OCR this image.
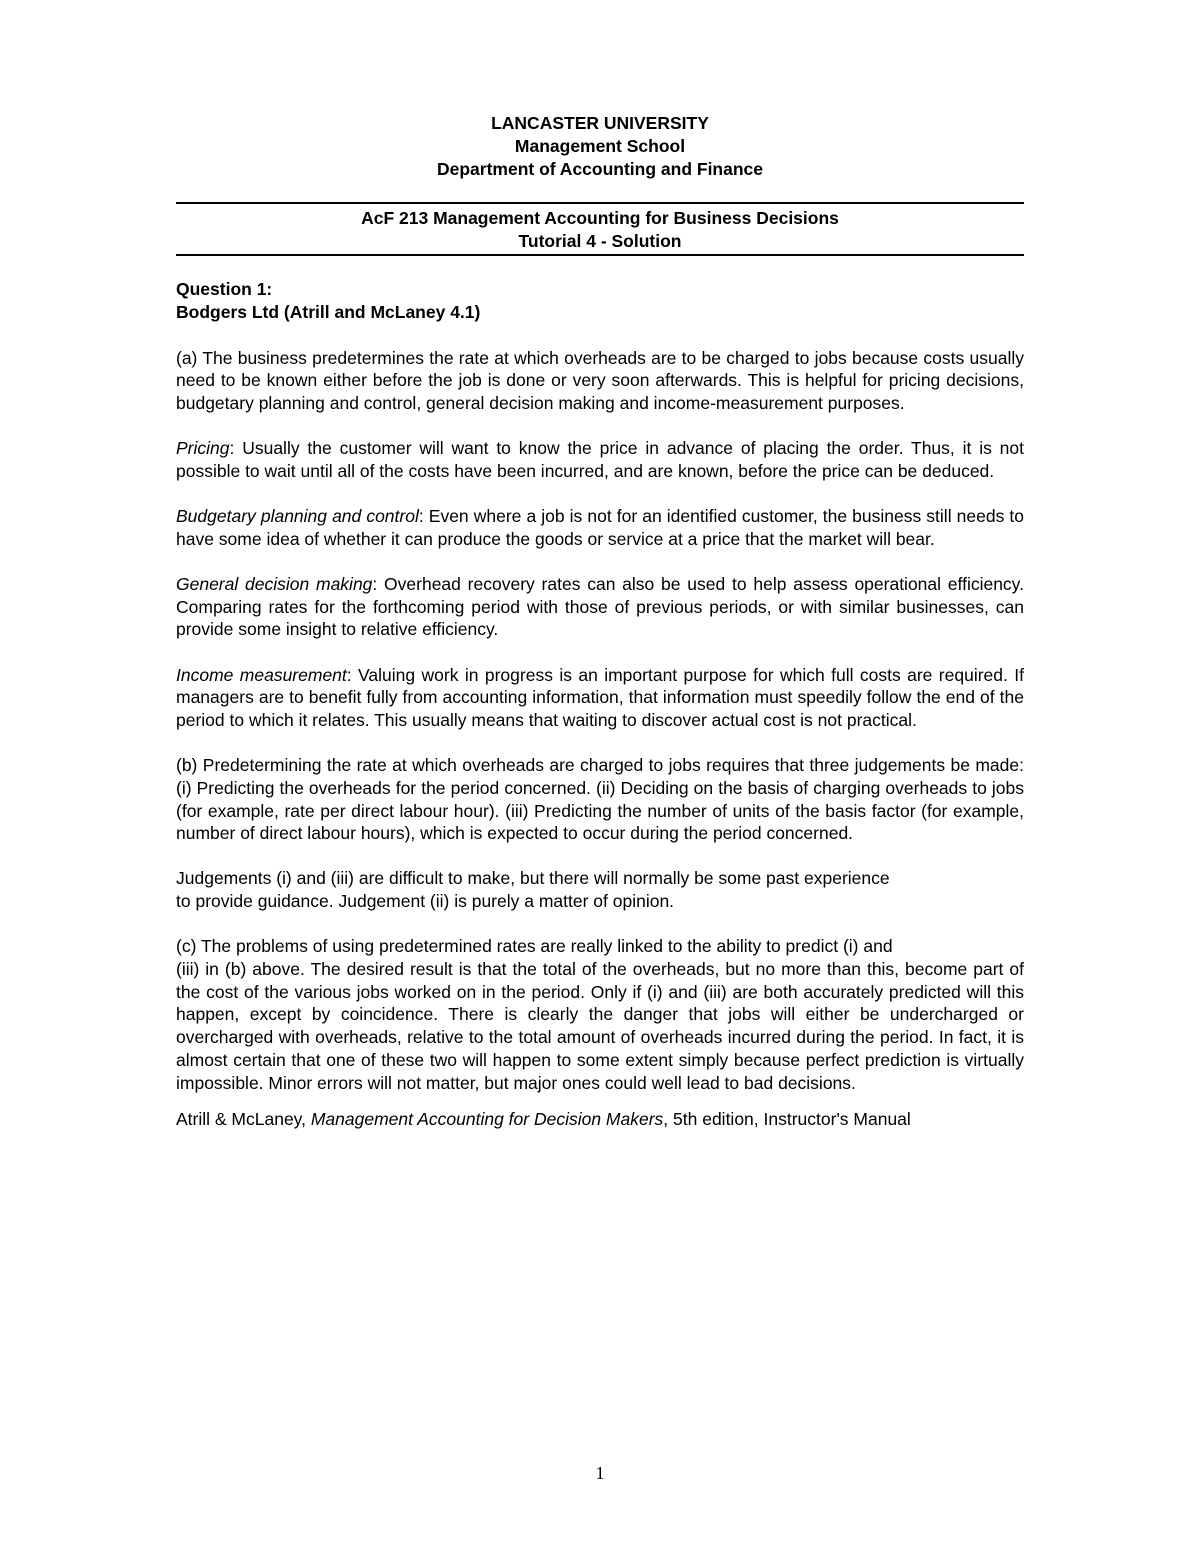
LANCASTER UNIVERSITY
Management School
Department of Accounting and Finance
AcF 213 Management Accounting for Business Decisions
Tutorial 4 - Solution
Question 1:
Bodgers Ltd (Atrill and McLaney 4.1)

(a) The business predetermines the rate at which overheads are to be charged to jobs because costs usually need to be known either before the job is done or very soon afterwards. This is helpful for pricing decisions, budgetary planning and control, general decision making and income-measurement purposes.

Pricing: Usually the customer will want to know the price in advance of placing the order. Thus, it is not possible to wait until all of the costs have been incurred, and are known, before the price can be deduced.

Budgetary planning and control: Even where a job is not for an identified customer, the business still needs to have some idea of whether it can produce the goods or service at a price that the market will bear.

General decision making: Overhead recovery rates can also be used to help assess operational efficiency. Comparing rates for the forthcoming period with those of previous periods, or with similar businesses, can provide some insight to relative efficiency.

Income measurement: Valuing work in progress is an important purpose for which full costs are required. If managers are to benefit fully from accounting information, that information must speedily follow the end of the period to which it relates. This usually means that waiting to discover actual cost is not practical.

(b) Predetermining the rate at which overheads are charged to jobs requires that three judgements be made: (i) Predicting the overheads for the period concerned. (ii) Deciding on the basis of charging overheads to jobs (for example, rate per direct labour hour). (iii) Predicting the number of units of the basis factor (for example, number of direct labour hours), which is expected to occur during the period concerned.

Judgements (i) and (iii) are difficult to make, but there will normally be some past experience
to provide guidance. Judgement (ii) is purely a matter of opinion.

(c) The problems of using predetermined rates are really linked to the ability to predict (i) and
(iii) in (b) above. The desired result is that the total of the overheads, but no more than this, become part of the cost of the various jobs worked on in the period. Only if (i) and (iii) are both accurately predicted will this happen, except by coincidence. There is clearly the danger that jobs will either be undercharged or overcharged with overheads, relative to the total amount of overheads incurred during the period. In fact, it is almost certain that one of these two will happen to some extent simply because perfect prediction is virtually impossible. Minor errors will not matter, but major ones could well lead to bad decisions.
Atrill & McLaney, Management Accounting for Decision Makers, 5th edition, Instructor's Manual
1
